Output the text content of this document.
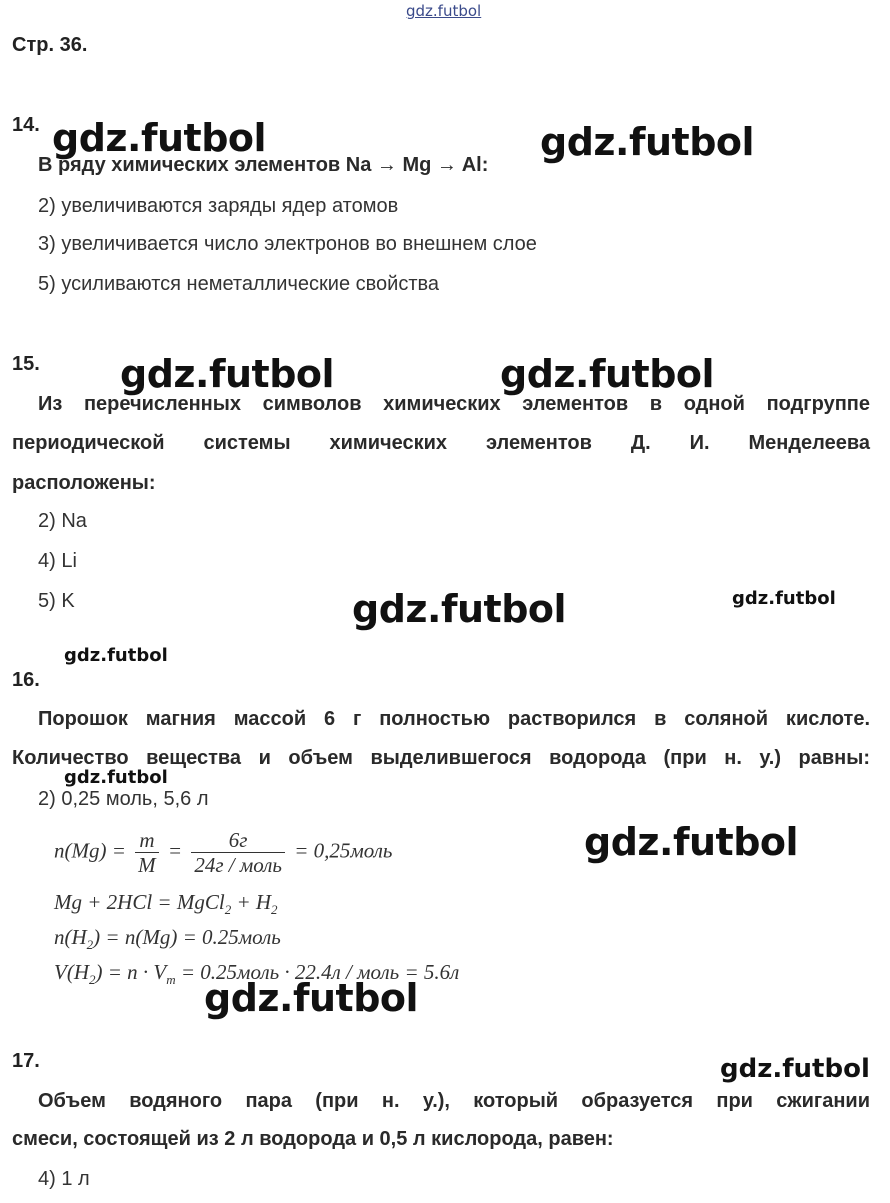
gdz.futbol
Стр. 36.
14.
В ряду химических элементов Na → Mg → Al:
2) увеличиваются заряды ядер атомов
3) увеличивается число электронов во внешнем слое
5) усиливаются неметаллические свойства
15.
Из перечисленных символов химических элементов в одной подгруппе
периодической системы химических элементов Д. И. Менделеева
расположены:
2) Na
4) Li
5) K
16.
Порошок магния массой 6 г полностью растворился в соляной кислоте.
Количество вещества и объем выделившегося водорода (при н. у.) равны:
2) 0,25 моль, 5,6 л
$n(Mg) = \frac{m}{M} = \frac{6г}{\text{24г / моль}}$ = 0,25моль
Mg + 2HCl = MgCl$_2$ + $H_2$
$n(H_2) = n(Mg)$ = 0.25моль
$V(H_2) = n \cdot V_m$ = 0.25моль · 22.4л / моль = 5.6л
17.
Объем водяного пара (при н. у.), который образуется при сжигании
смеси, состоящей из 2 л водорода и 0,5 л кислорода, равен:
4) 1 л
gdz.futbol	gdz.futbol
gdz.futbol	gdz.futbol
gdz.futbol	gdz.futbol
gdz.futbol
gdz.futbol
gdz.futbol
gdz.futbol
gdz.futbol
